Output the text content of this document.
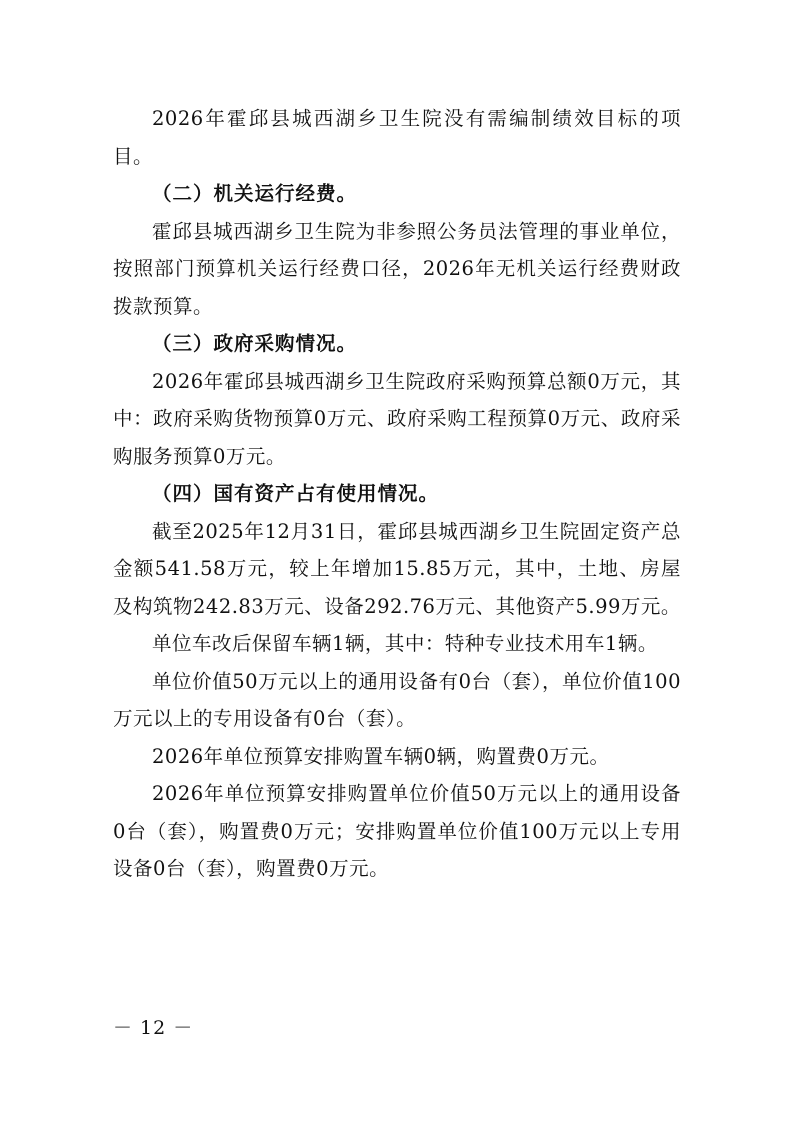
2026年霍邱县城西湖乡卫生院没有需编制绩效目标的项目。

（二）机关运行经费。

霍邱县城西湖乡卫生院为非参照公务员法管理的事业单位，按照部门预算机关运行经费口径，2026年无机关运行经费财政拨款预算。

（三）政府采购情况。

2026年霍邱县城西湖乡卫生院政府采购预算总额0万元，其中：政府采购货物预算0万元、政府采购工程预算0万元、政府采购服务预算0万元。

（四）国有资产占有使用情况。

截至2025年12月31日，霍邱县城西湖乡卫生院固定资产总金额541.58万元，较上年增加15.85万元，其中，土地、房屋及构筑物242.83万元、设备292.76万元、其他资产5.99万元。

单位车改后保留车辆1辆，其中：特种专业技术用车1辆。

单位价值50万元以上的通用设备有0台（套），单位价值100万元以上的专用设备有0台（套）。

2026年单位预算安排购置车辆0辆，购置费0万元。

2026年单位预算安排购置单位价值50万元以上的通用设备0台（套），购置费0万元；安排购置单位价值100万元以上专用设备0台（套），购置费0万元。

－ 12 －
